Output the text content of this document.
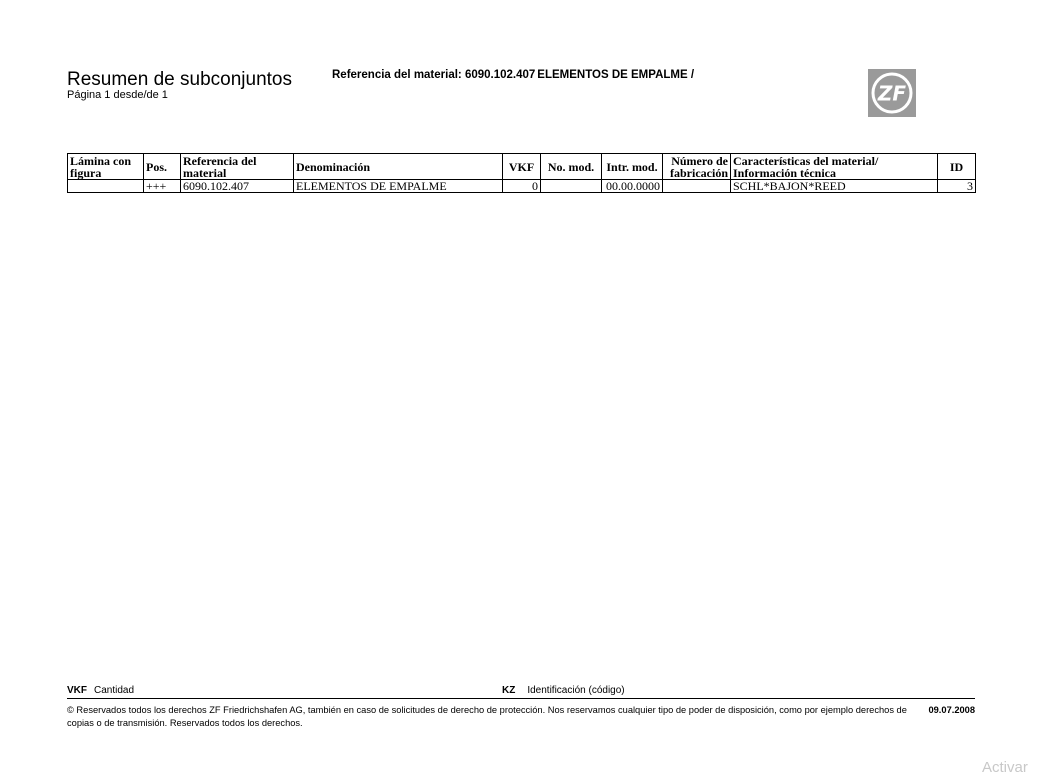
Resumen de subconjuntos
Página 1 desde/de 1
Referencia del material: 6090.102.407 ELEMENTOS DE EMPALME /
ZF
Lámina con figura	Pos.	Referencia del material	Denominación	VKF	No. mod.	Intr. mod.	Número de fabricación	Características del material/ Información técnica	ID
	+++	6090.102.407	ELEMENTOS DE EMPALME	0		00.00.0000		SCHL*BAJON*REED	3
VKF Cantidad	KZ Identificación (código)
© Reservados todos los derechos ZF Friedrichshafen AG, también en caso de solicitudes de derecho de protección. Nos reservamos cualquier tipo de poder de disposición, como por ejemplo derechos de copias o de transmisión. Reservados todos los derechos.
09.07.2008
Activar
